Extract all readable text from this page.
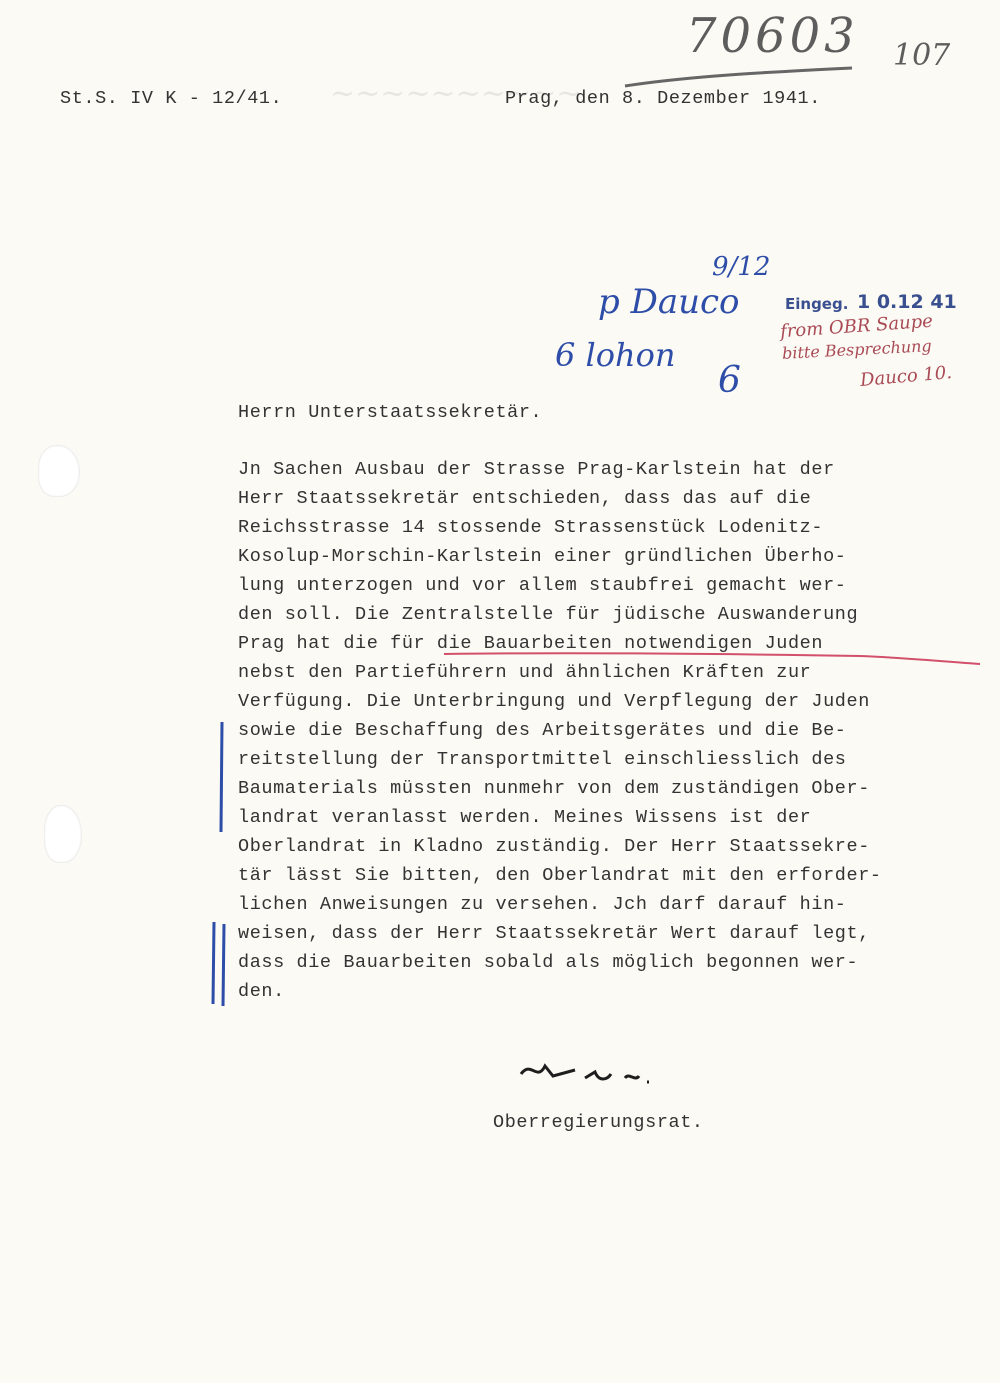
~~~~~~~~~~
70603 107
St.S. IV K - 12/41.	Prag, den 8. Dezember 1941.
9/12
p Dauco
6 lohon
6
Eingeg. 1 0.12 41
from OBR Saupe
bitte Besprechung
Dauco 10.
Herrn Unterstaatssekretär.
Jn Sachen Ausbau der Strasse Prag-Karlstein hat der
Herr Staatssekretär entschieden, dass das auf die
Reichsstrasse 14 stossende Strassenstück Lodenitz-
Kosolup-Morschin-Karlstein einer gründlichen Überho-
lung unterzogen und vor allem staubfrei gemacht wer-
den soll. Die Zentralstelle für jüdische Auswanderung
Prag hat die für die Bauarbeiten notwendigen Juden
nebst den Partieführern und ähnlichen Kräften zur
Verfügung. Die Unterbringung und Verpflegung der Juden
sowie die Beschaffung des Arbeitsgerätes und die Be-
reitstellung der Transportmittel einschliesslich des
Baumaterials müssten nunmehr von dem zuständigen Ober-
landrat veranlasst werden. Meines Wissens ist der
Oberlandrat in Kladno zuständig. Der Herr Staatssekre-
tär lässt Sie bitten, den Oberlandrat mit den erforder-
lichen Anweisungen zu versehen. Jch darf darauf hin-
weisen, dass der Herr Staatssekretär Wert darauf legt,
dass die Bauarbeiten sobald als möglich begonnen wer-
den.
Oberregierungsrat.
